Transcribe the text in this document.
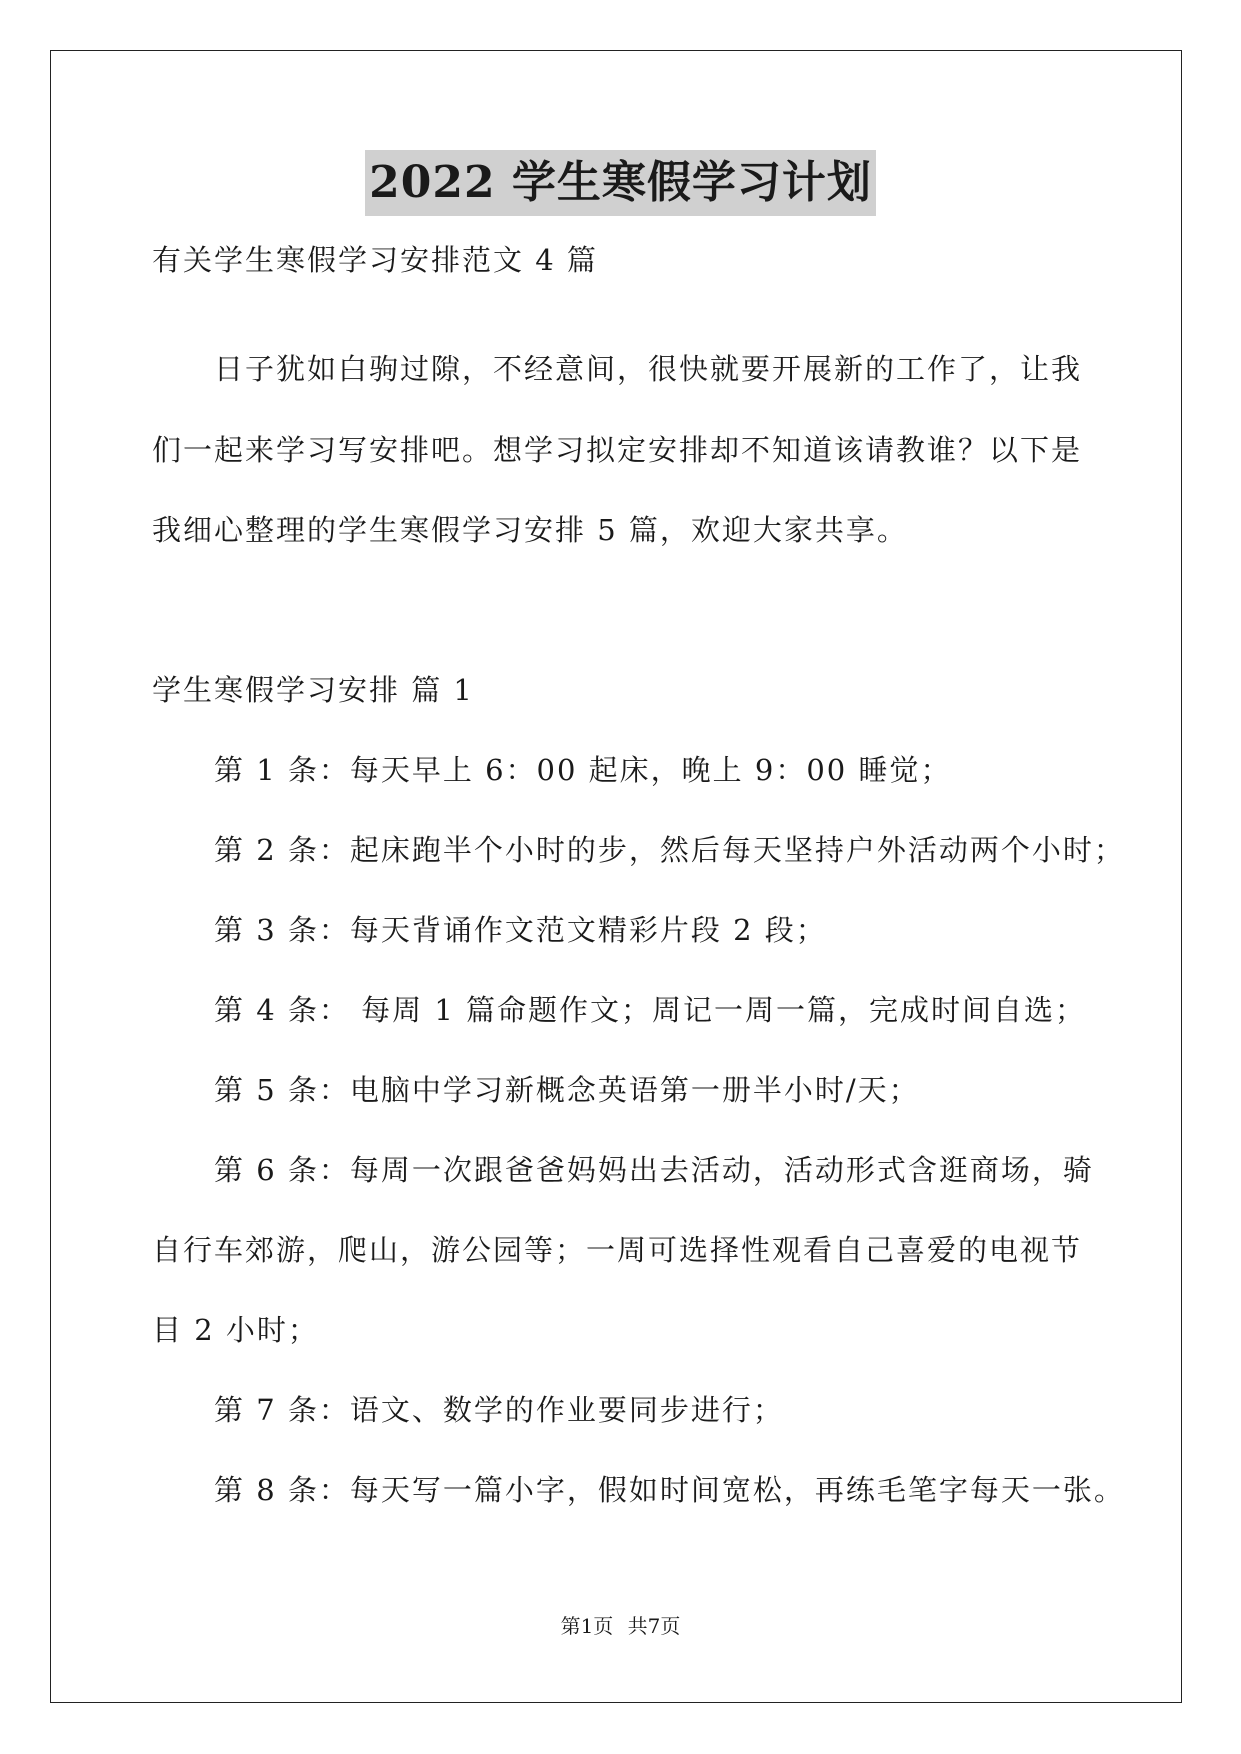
2022 学生寒假学习计划
有关学生寒假学习安排范文 4 篇
日子犹如白驹过隙，不经意间，很快就要开展新的工作了，让我
们一起来学习写安排吧。想学习拟定安排却不知道该请教谁？以下是
我细心整理的学生寒假学习安排 5 篇，欢迎大家共享。
学生寒假学习安排 篇 1
第 1 条：每天早上 6：00 起床，晚上 9：00 睡觉；
第 2 条：起床跑半个小时的步，然后每天坚持户外活动两个小时；
第 3 条：每天背诵作文范文精彩片段 2 段；
第 4 条： 每周 1 篇命题作文；周记一周一篇，完成时间自选；
第 5 条：电脑中学习新概念英语第一册半小时/天；
第 6 条：每周一次跟爸爸妈妈出去活动，活动形式含逛商场，骑
自行车郊游，爬山，游公园等；一周可选择性观看自己喜爱的电视节
目 2 小时；
第 7 条：语文、数学的作业要同步进行；
第 8 条：每天写一篇小字，假如时间宽松，再练毛笔字每天一张。
第1页 共7页
